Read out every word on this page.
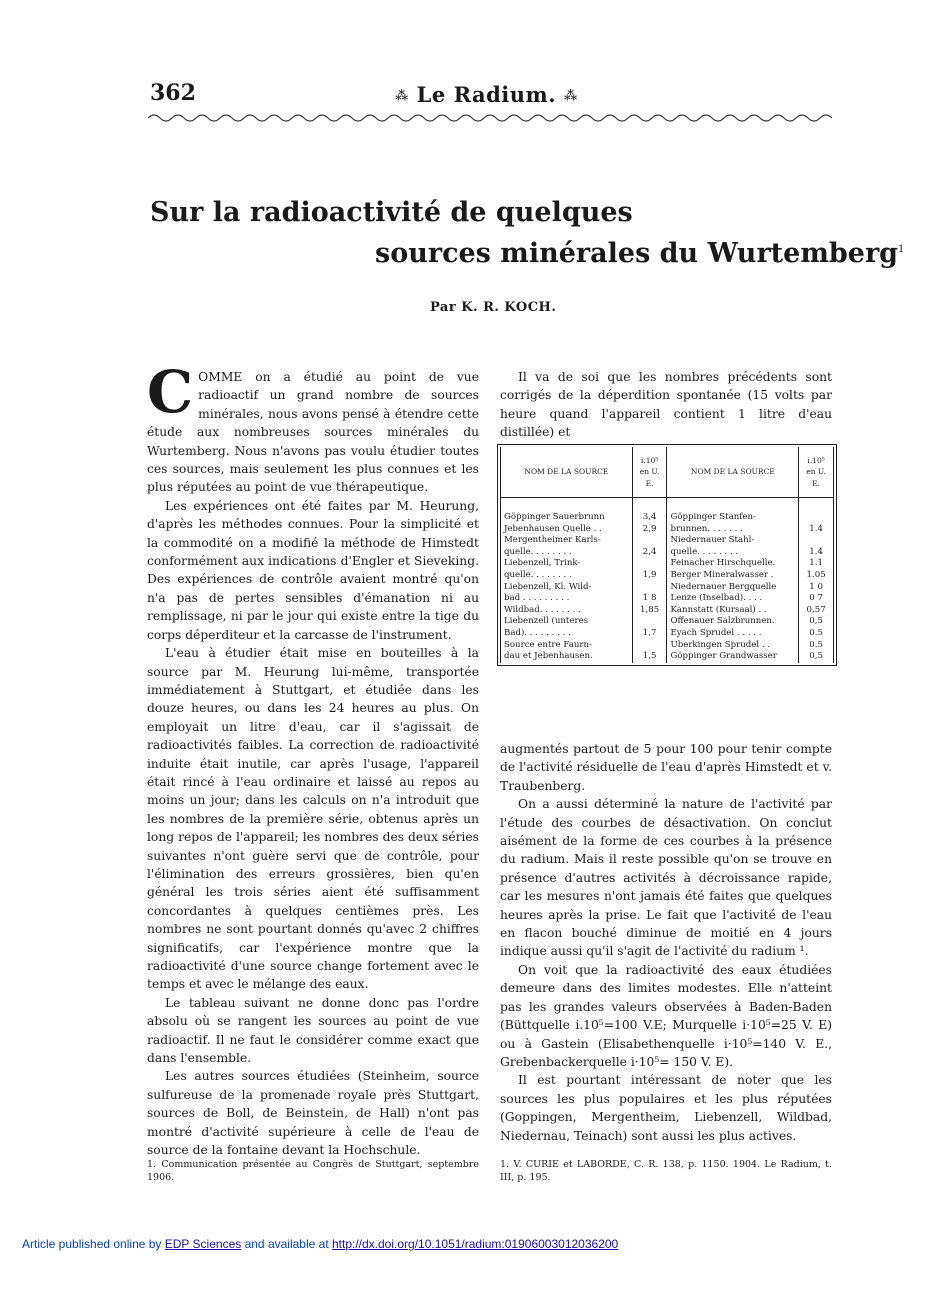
362	⁂ Le Radium. ⁂
Sur la radioactivité de quelques
sources minérales du Wurtemberg$^1$
Par K. R. KOCH.

COMME on a étudié au point de vue radioactif un grand nombre de sources minérales, nous avons pensé à étendre cette étude aux nombreuses sources minérales du Wurtemberg. Nous n'avons pas voulu étudier toutes ces sources, mais seulement les plus connues et les plus réputées au point de vue thérapeutique.

Les expériences ont été faites par M. Heurung, d'après les méthodes connues. Pour la simplicité et la commodité on a modifié la méthode de Himstedt conformément aux indications d'Engler et Sieveking. Des expériences de contrôle avaient montré qu'on n'a pas de pertes sensibles d'émanation ni au remplissage, ni par le jour qui existe entre la tige du corps déperditeur et la carcasse de l'instrument.

L'eau à étudier était mise en bouteilles à la source par M. Heurung lui-même, transportée immédiatement à Stuttgart, et étudiée dans les douze heures, ou dans les 24 heures au plus. On employait un litre d'eau, car il s'agissait de radioactivités faibles. La correction de radioactivité induite était inutile, car après l'usage, l'appareil était rincé à l'eau ordinaire et laissé au repos au moins un jour; dans les calculs on n'a introduit que les nombres de la première série, obtenus après un long repos de l'appareil; les nombres des deux séries suivantes n'ont guère servi que de contrôle, pour l'élimination des erreurs grossières, bien qu'en général les trois séries aient été suffisamment concordantes à quelques centièmes près. Les nombres ne sont pourtant donnés qu'avec 2 chiffres significatifs, car l'expérience montre que la radioactivité d'une source change fortement avec le temps et avec le mélange des eaux.

Le tableau suivant ne donne donc pas l'ordre absolu où se rangent les sources au point de vue radioactif. Il ne faut le considérer comme exact que dans l'ensemble.

Les autres sources étudiées (Steinheim, source sulfureuse de la promenade royale près Stuttgart, sources de Boll, de Beinstein, de Hall) n'ont pas montré d'activité supérieure à celle de l'eau de source de la fontaine devant la Hochschule.

1. Communication présentée au Congrès de Stuttgart, septembre 1906.

Il va de soi que les nombres précédents sont corrigés de la déperdition spontanée (15 volts par heure quand l'appareil contient 1 litre d'eau distillée) et

NOM DE LA SOURCE	i.10⁵ en U. E.	NOM DE LA SOURCE	i.10⁵ en U. E.

Göppinger Sauerbrunn	3,4	Göppinger Stanfen-	
Jebenhausen Quelle . .	2,9	brunnen. . . . . . .	1.4
Mergentheimer Karls-		Niedernauer Stahl-	
quelle. . . . . . . .	2,4	quelle. . . . . . . .	1.4
Liebenzell, Trink-		Feinacher Hirschquelle.	1.1
quelle. . . . . . . .	1,9	Berger Mineralwasser .	1.05
Liebenzell, Kl. Wild-		Niedernauer Bergquelle	1 0
bad . . . . . . . . .	1 8	Lenze (Inselbad). . . .	0 7
Wildbad. . . . . . . .	1,85	Kannstatt (Kursaal) . .	0,57
Liebenzell (unteres		Offenauer Salzbrunnen.	0,5
Bad). . . . . . . . .	1,7	Eyach Sprudel . . . . .	0.5
Source entre Faurn-		Überkingen Sprudel . .	0.5
dau et Jebenhausen.	1,5	Göppinger Grandwasser	0,5

augmentés partout de 5 pour 100 pour tenir compte de l'activité résiduelle de l'eau d'après Himstedt et v. Traubenberg.

On a aussi déterminé la nature de l'activité par l'étude des courbes de désactivation. On conclut aisément de la forme de ces courbes à la présence du radium. Mais il reste possible qu'on se trouve en présence d'autres activités à décroissance rapide, car les mesures n'ont jamais été faites que quelques heures après la prise. Le fait que l'activité de l'eau en flacon bouché diminue de moitié en 4 jours indique aussi qu'il s'agit de l'activité du radium ¹.

On voit que la radioactivité des eaux étudiées demeure dans des limites modestes. Elle n'atteint pas les grandes valeurs observées à Baden-Baden (Büttquelle i.10⁵=100 V.E; Murquelle i·10⁵=25 V. E) ou à Gastein (Elisabethenquelle i·10⁵=140 V. E., Grebenbackerquelle i·10⁵= 150 V. E).

Il est pourtant intéressant de noter que les sources les plus populaires et les plus réputées (Goppingen, Mergentheim, Liebenzell, Wildbad, Niedernau, Teinach) sont aussi les plus actives.

1. V. CURIE et LABORDE, C. R. 138, p. 1150. 1904. Le Radium, t. III, p. 195.
Article published online by EDP Sciences and available at http://dx.doi.org/10.1051/radium:01906003012036200
